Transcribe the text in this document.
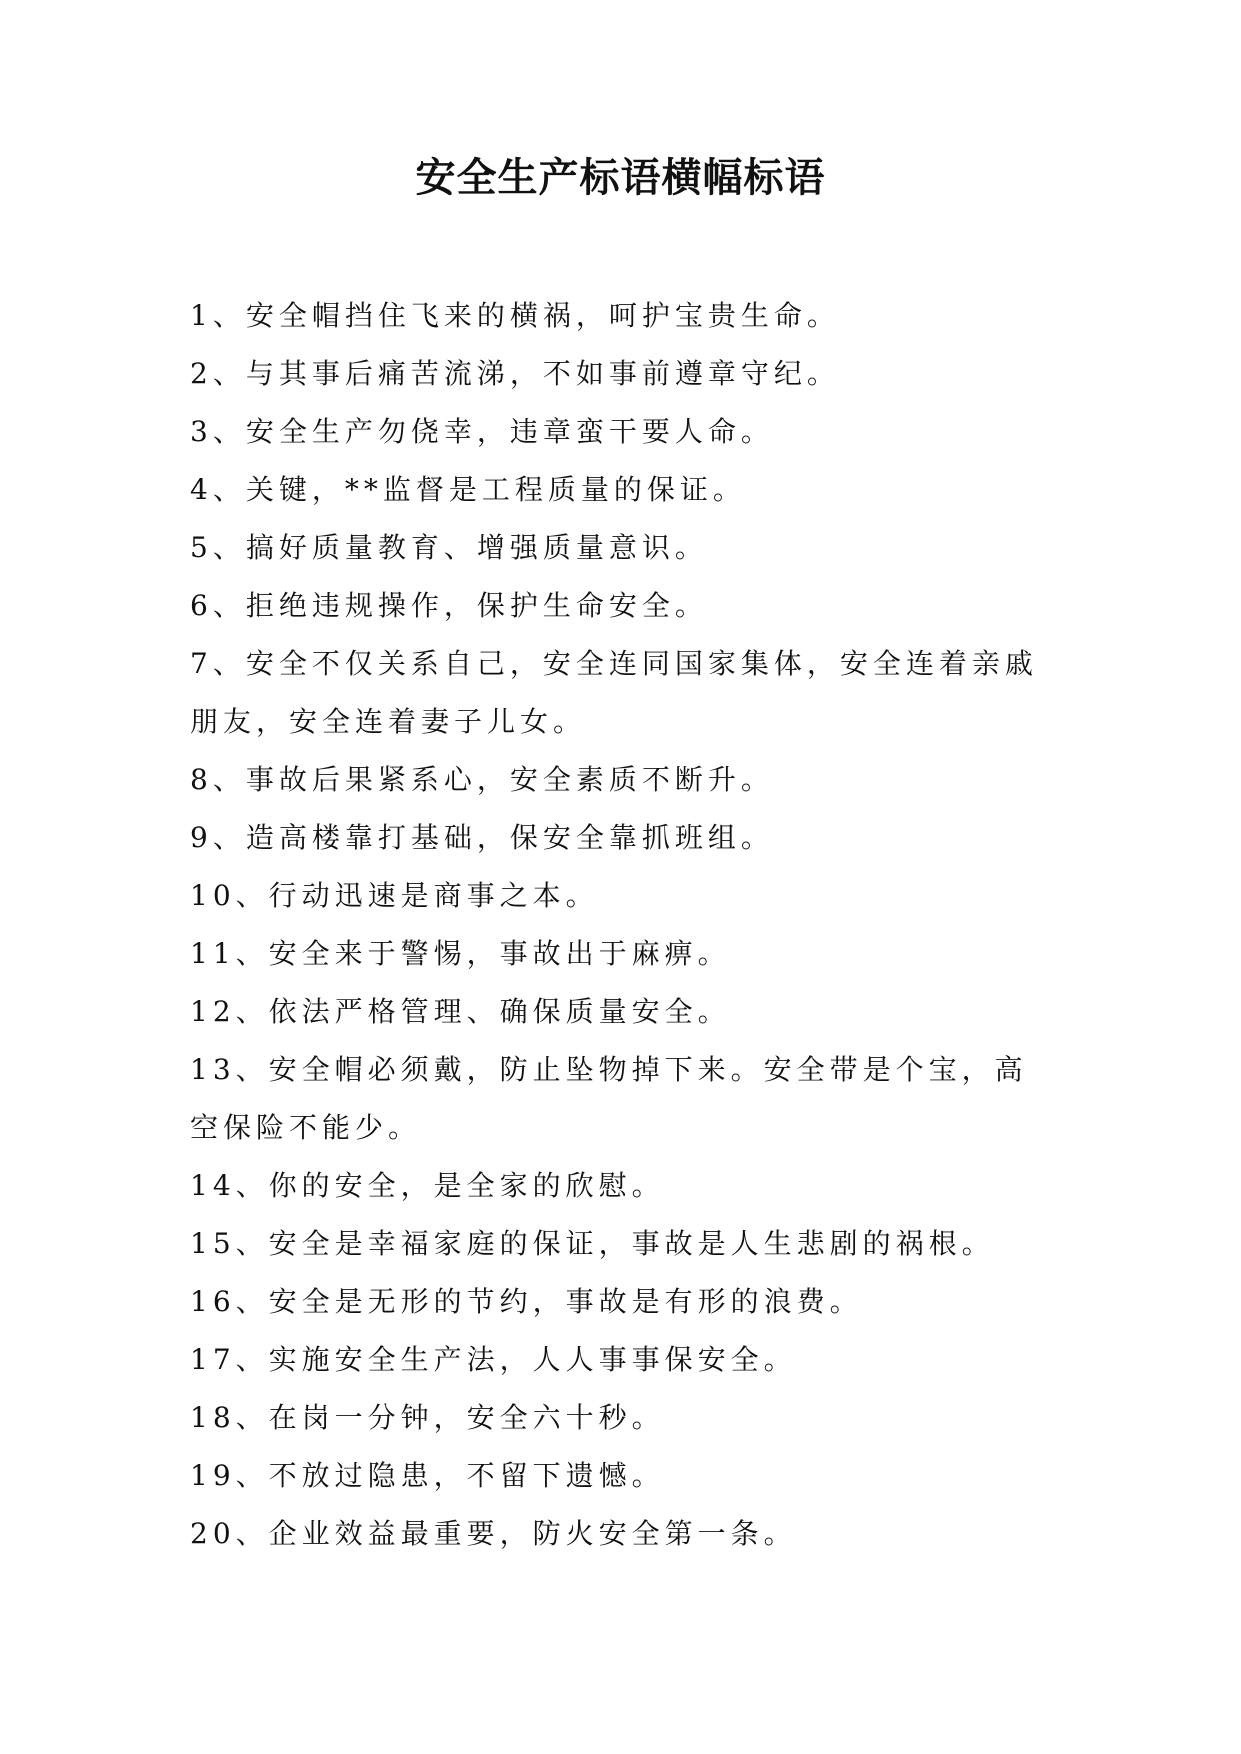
安全生产标语横幅标语
1、安全帽挡住飞来的横祸，呵护宝贵生命。
2、与其事后痛苦流涕，不如事前遵章守纪。
3、安全生产勿侥幸，违章蛮干要人命。
4、关键，**监督是工程质量的保证。
5、搞好质量教育、增强质量意识。
6、拒绝违规操作，保护生命安全。
7、安全不仅关系自己，安全连同国家集体，安全连着亲戚朋友，安全连着妻子儿女。
8、事故后果紧系心，安全素质不断升。
9、造高楼靠打基础，保安全靠抓班组。
10、行动迅速是商事之本。
11、安全来于警惕，事故出于麻痹。
12、依法严格管理、确保质量安全。
13、安全帽必须戴，防止坠物掉下来。安全带是个宝，高空保险不能少。
14、你的安全，是全家的欣慰。
15、安全是幸福家庭的保证，事故是人生悲剧的祸根。
16、安全是无形的节约，事故是有形的浪费。
17、实施安全生产法，人人事事保安全。
18、在岗一分钟，安全六十秒。
19、不放过隐患，不留下遗憾。
20、企业效益最重要，防火安全第一条。
